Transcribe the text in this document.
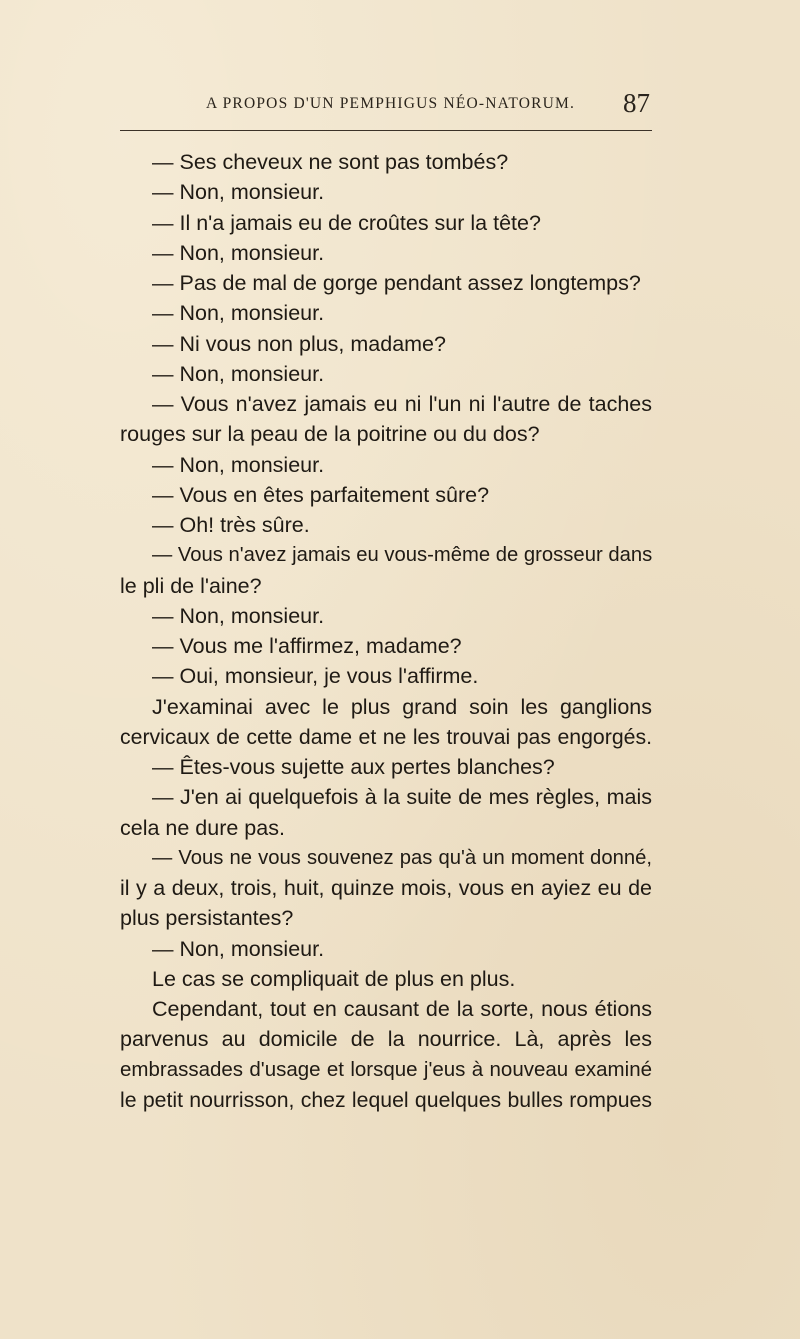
A PROPOS D'UN PEMPHIGUS NÉO-NATORUM. 87
— Ses cheveux ne sont pas tombés?
— Non, monsieur.
— Il n'a jamais eu de croûtes sur la tête?
— Non, monsieur.
— Pas de mal de gorge pendant assez longtemps?
— Non, monsieur.
— Ni vous non plus, madame?
— Non, monsieur.
— Vous n'avez jamais eu ni l'un ni l'autre de taches
rouges sur la peau de la poitrine ou du dos?
— Non, monsieur.
— Vous en êtes parfaitement sûre?
— Oh! très sûre.
— Vous n'avez jamais eu vous-même de grosseur dans
le pli de l'aine?
— Non, monsieur.
— Vous me l'affirmez, madame?
— Oui, monsieur, je vous l'affirme.
J'examinai avec le plus grand soin les ganglions
cervicaux de cette dame et ne les trouvai pas engorgés.
— Êtes-vous sujette aux pertes blanches?
— J'en ai quelquefois à la suite de mes règles, mais
cela ne dure pas.
— Vous ne vous souvenez pas qu'à un moment donné,
il y a deux, trois, huit, quinze mois, vous en ayiez eu de
plus persistantes?
— Non, monsieur.
Le cas se compliquait de plus en plus.
Cependant, tout en causant de la sorte, nous étions
parvenus au domicile de la nourrice. Là, après les
embrassades d'usage et lorsque j'eus à nouveau examiné
le petit nourrisson, chez lequel quelques bulles rompues
